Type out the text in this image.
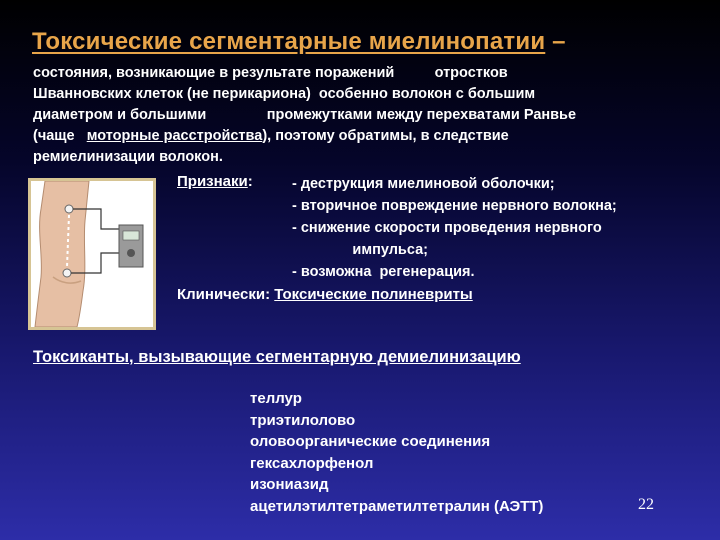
Токсические сегментарные миелинопатии –
состояния, возникающие в результате поражений          отростков
Шванновских клеток (не перикариона)  особенно волокон с большим
диаметром и большими               промежутками между перехватами Ранвье
(чаще   моторные расстройства), поэтому обратимы, в следствие
ремиелинизации волокон.
Признаки:	- деструкция миелиновой оболочки;
- вторичное повреждение нервного волокна;
- снижение скорости проведения нервного
импульса;
- возможна  регенерация.
Клинически: Токсические полиневриты
Токсиканты, вызывающие сегментарную демиелинизацию
теллур
триэтилолово
оловоорганические соединения
гексахлорфенол
изониазид
ацетилэтилтетраметилтетралин (АЭТТ)	22
